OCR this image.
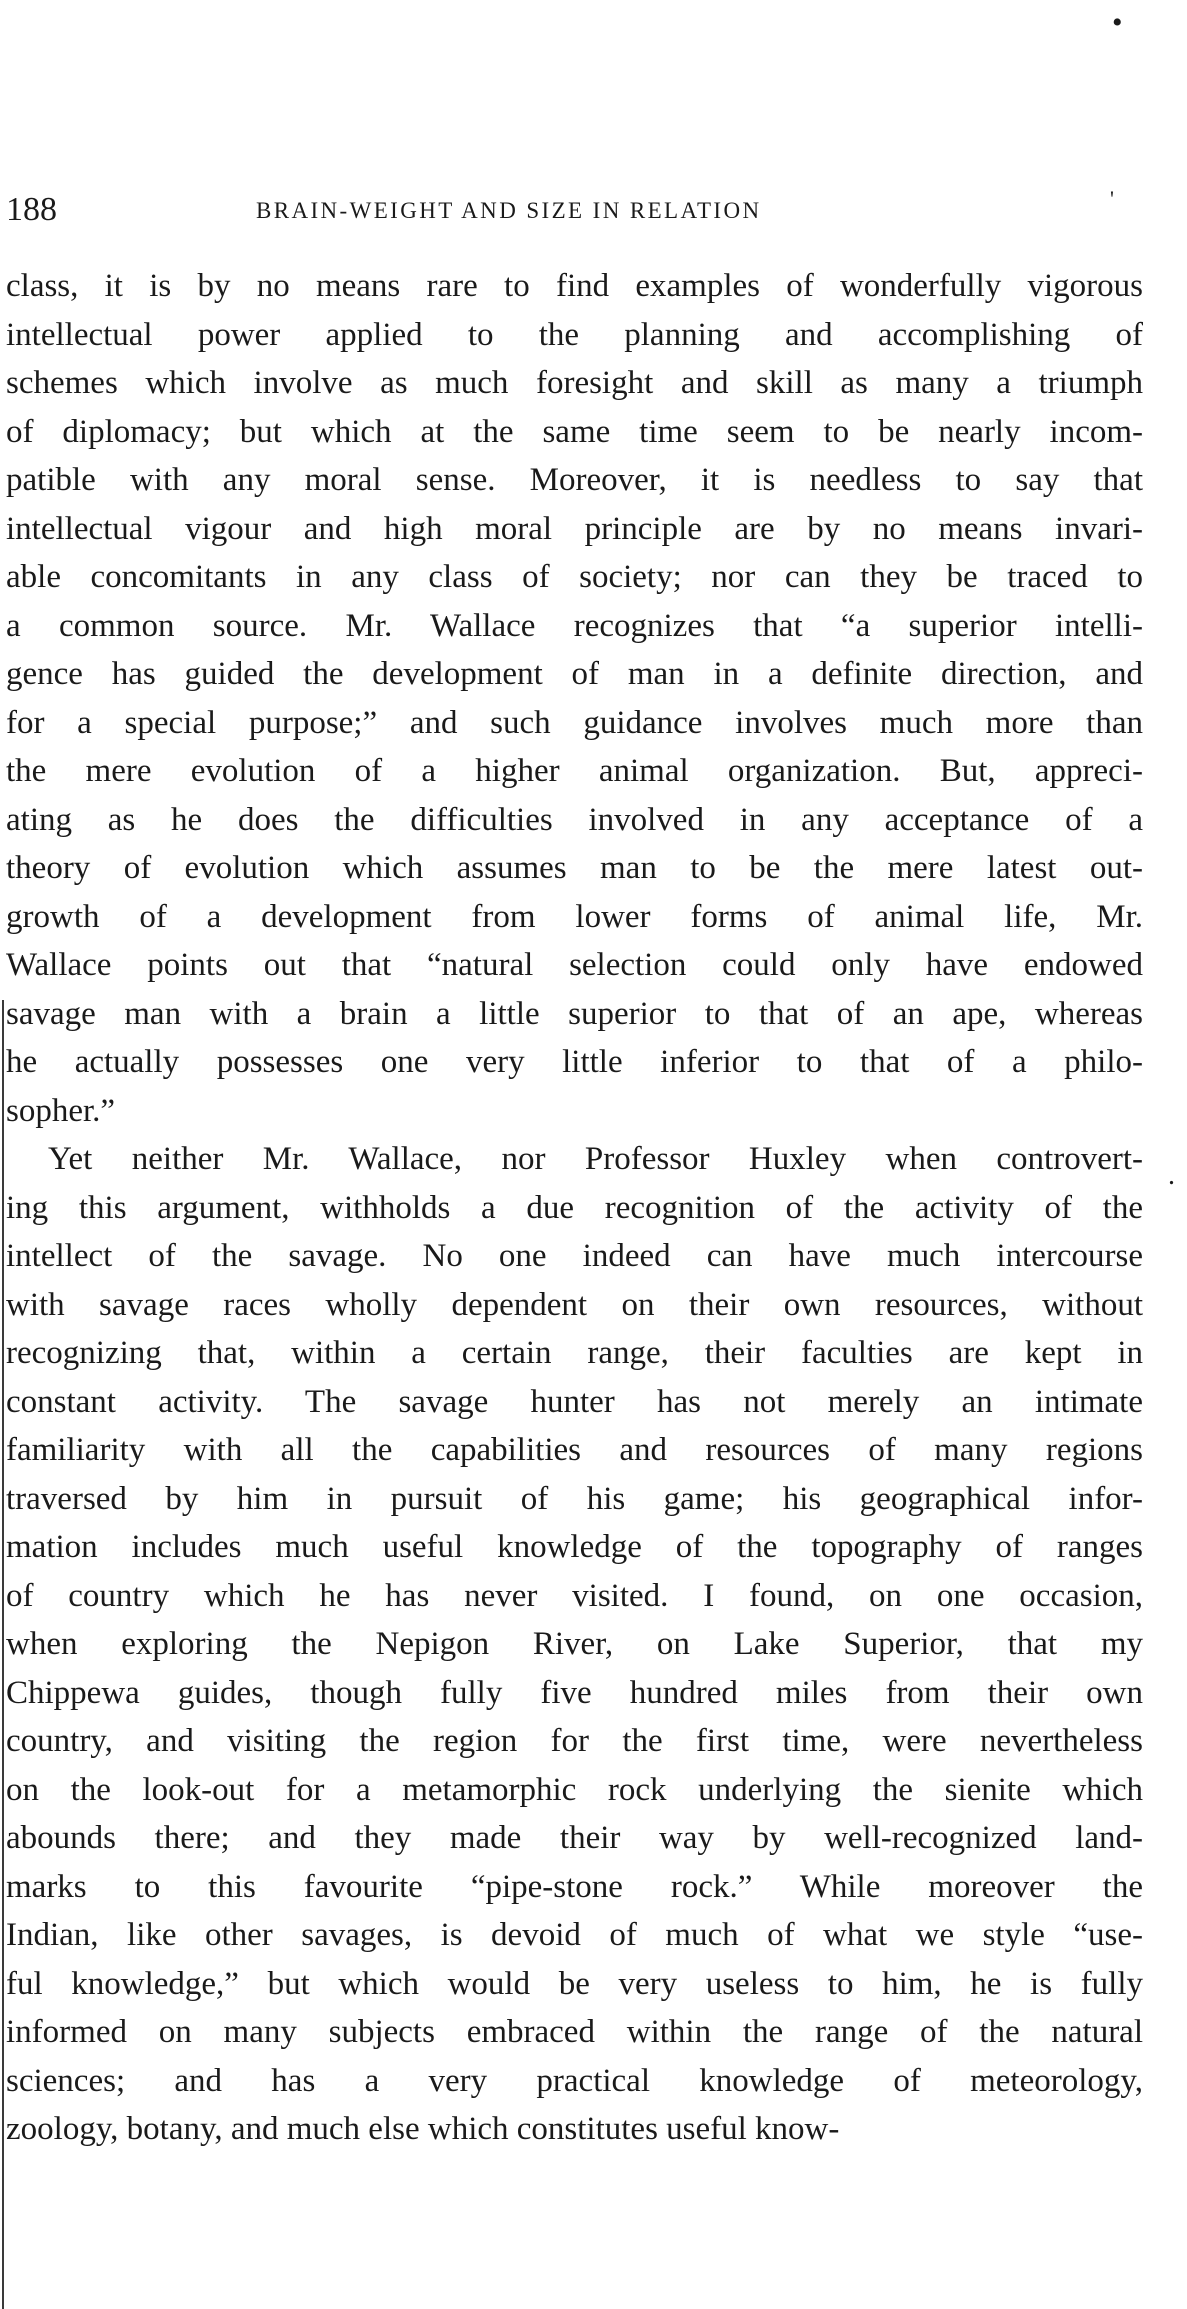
•
'
.
188	BRAIN-WEIGHT AND SIZE IN RELATION

class, it is by no means rare to find examples of wonderfully vigorous
intellectual power applied to the planning and accomplishing of
schemes which involve as much foresight and skill as many a triumph
of diplomacy; but which at the same time seem to be nearly incom-
patible with any moral sense. Moreover, it is needless to say that
intellectual vigour and high moral principle are by no means invari-
able concomitants in any class of society; nor can they be traced to
a common source. Mr. Wallace recognizes that “a superior intelli-
gence has guided the development of man in a definite direction, and
for a special purpose;” and such guidance involves much more than
the mere evolution of a higher animal organization. But, appreci-
ating as he does the difficulties involved in any acceptance of a
theory of evolution which assumes man to be the mere latest out-
growth of a development from lower forms of animal life, Mr.
Wallace points out that “natural selection could only have endowed
savage man with a brain a little superior to that of an ape, whereas
he actually possesses one very little inferior to that of a philo-
sopher.”

Yet neither Mr. Wallace, nor Professor Huxley when controvert-
ing this argument, withholds a due recognition of the activity of the
intellect of the savage. No one indeed can have much intercourse
with savage races wholly dependent on their own resources, without
recognizing that, within a certain range, their faculties are kept in
constant activity. The savage hunter has not merely an intimate
familiarity with all the capabilities and resources of many regions
traversed by him in pursuit of his game; his geographical infor-
mation includes much useful knowledge of the topography of ranges
of country which he has never visited. I found, on one occasion,
when exploring the Nepigon River, on Lake Superior, that my
Chippewa guides, though fully five hundred miles from their own
country, and visiting the region for the first time, were nevertheless
on the look-out for a metamorphic rock underlying the sienite which
abounds there; and they made their way by well-recognized land-
marks to this favourite “pipe-stone rock.” While moreover the
Indian, like other savages, is devoid of much of what we style “use-
ful knowledge,” but which would be very useless to him, he is fully
informed on many subjects embraced within the range of the natural
sciences; and has a very practical knowledge of meteorology,
zoology, botany, and much else which constitutes useful know-
